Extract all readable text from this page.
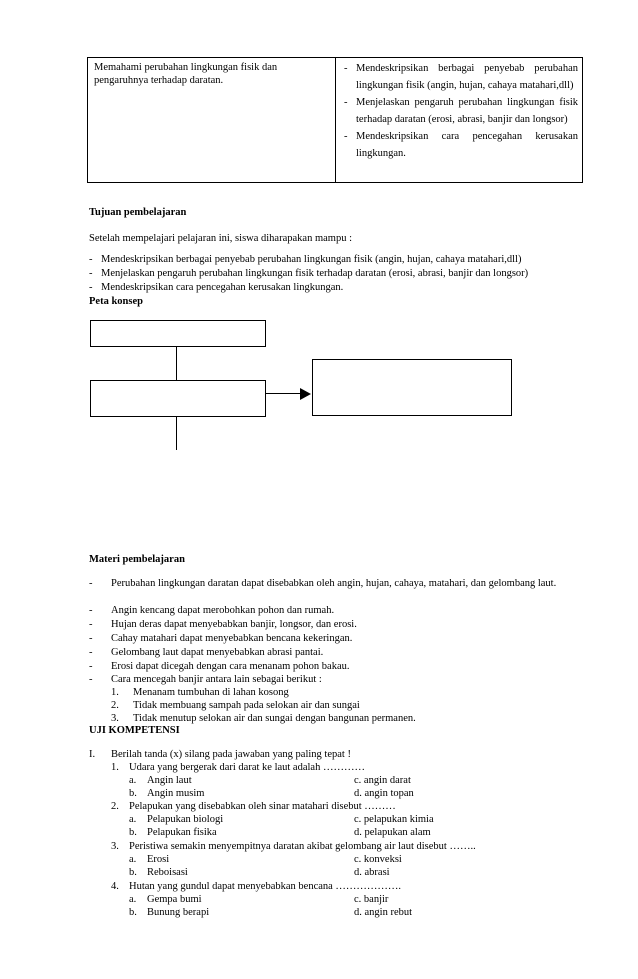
Memahami perubahan lingkungan fisik dan pengaruhnya terhadap daratan.
- Mendeskripsikan berbagai penyebab perubahan lingkungan fisik (angin, hujan, cahaya matahari,dll)
- Menjelaskan pengaruh perubahan lingkungan fisik terhadap daratan (erosi, abrasi, banjir dan longsor)
- Mendeskripsikan cara pencegahan kerusakan lingkungan.
Tujuan pembelajaran
Setelah mempelajari pelajaran ini, siswa diharapakan mampu :
- Mendeskripsikan berbagai penyebab perubahan lingkungan fisik (angin, hujan, cahaya matahari,dll)
- Menjelaskan pengaruh perubahan lingkungan fisik terhadap daratan (erosi, abrasi, banjir dan longsor)
- Mendeskripsikan cara pencegahan kerusakan lingkungan.
Peta konsep
Materi pembelajaran
- Perubahan lingkungan daratan dapat disebabkan oleh angin, hujan, cahaya, matahari, dan gelombang laut.
- Angin kencang dapat merobohkan pohon dan rumah.
- Hujan deras dapat menyebabkan banjir, longsor, dan erosi.
- Cahay matahari dapat menyebabkan bencana kekeringan.
- Gelombang laut dapat menyebabkan abrasi pantai.
- Erosi dapat dicegah dengan cara menanam pohon bakau.
- Cara mencegah banjir antara lain sebagai berikut :
1. Menanam tumbuhan di lahan kosong
2. Tidak membuang sampah pada selokan air dan sungai
3. Tidak menutup selokan air dan sungai dengan bangunan permanen.
UJI KOMPETENSI
I. Berilah tanda (x) silang pada jawaban yang paling tepat !
1. Udara yang bergerak dari darat ke laut adalah …………
a. Angin laut	c. angin darat
b. Angin musim	d. angin topan
2. Pelapukan yang disebabkan oleh sinar matahari disebut ………
a. Pelapukan biologi	c. pelapukan kimia
b. Pelapukan fisika	d. pelapukan alam
3. Peristiwa semakin menyempitnya daratan akibat gelombang air laut disebut ……..
a. Erosi	c. konveksi
b. Reboisasi	d. abrasi
4. Hutan yang gundul dapat menyebabkan bencana ……………….
a. Gempa bumi	c. banjir
b. Bunung berapi	d. angin rebut
